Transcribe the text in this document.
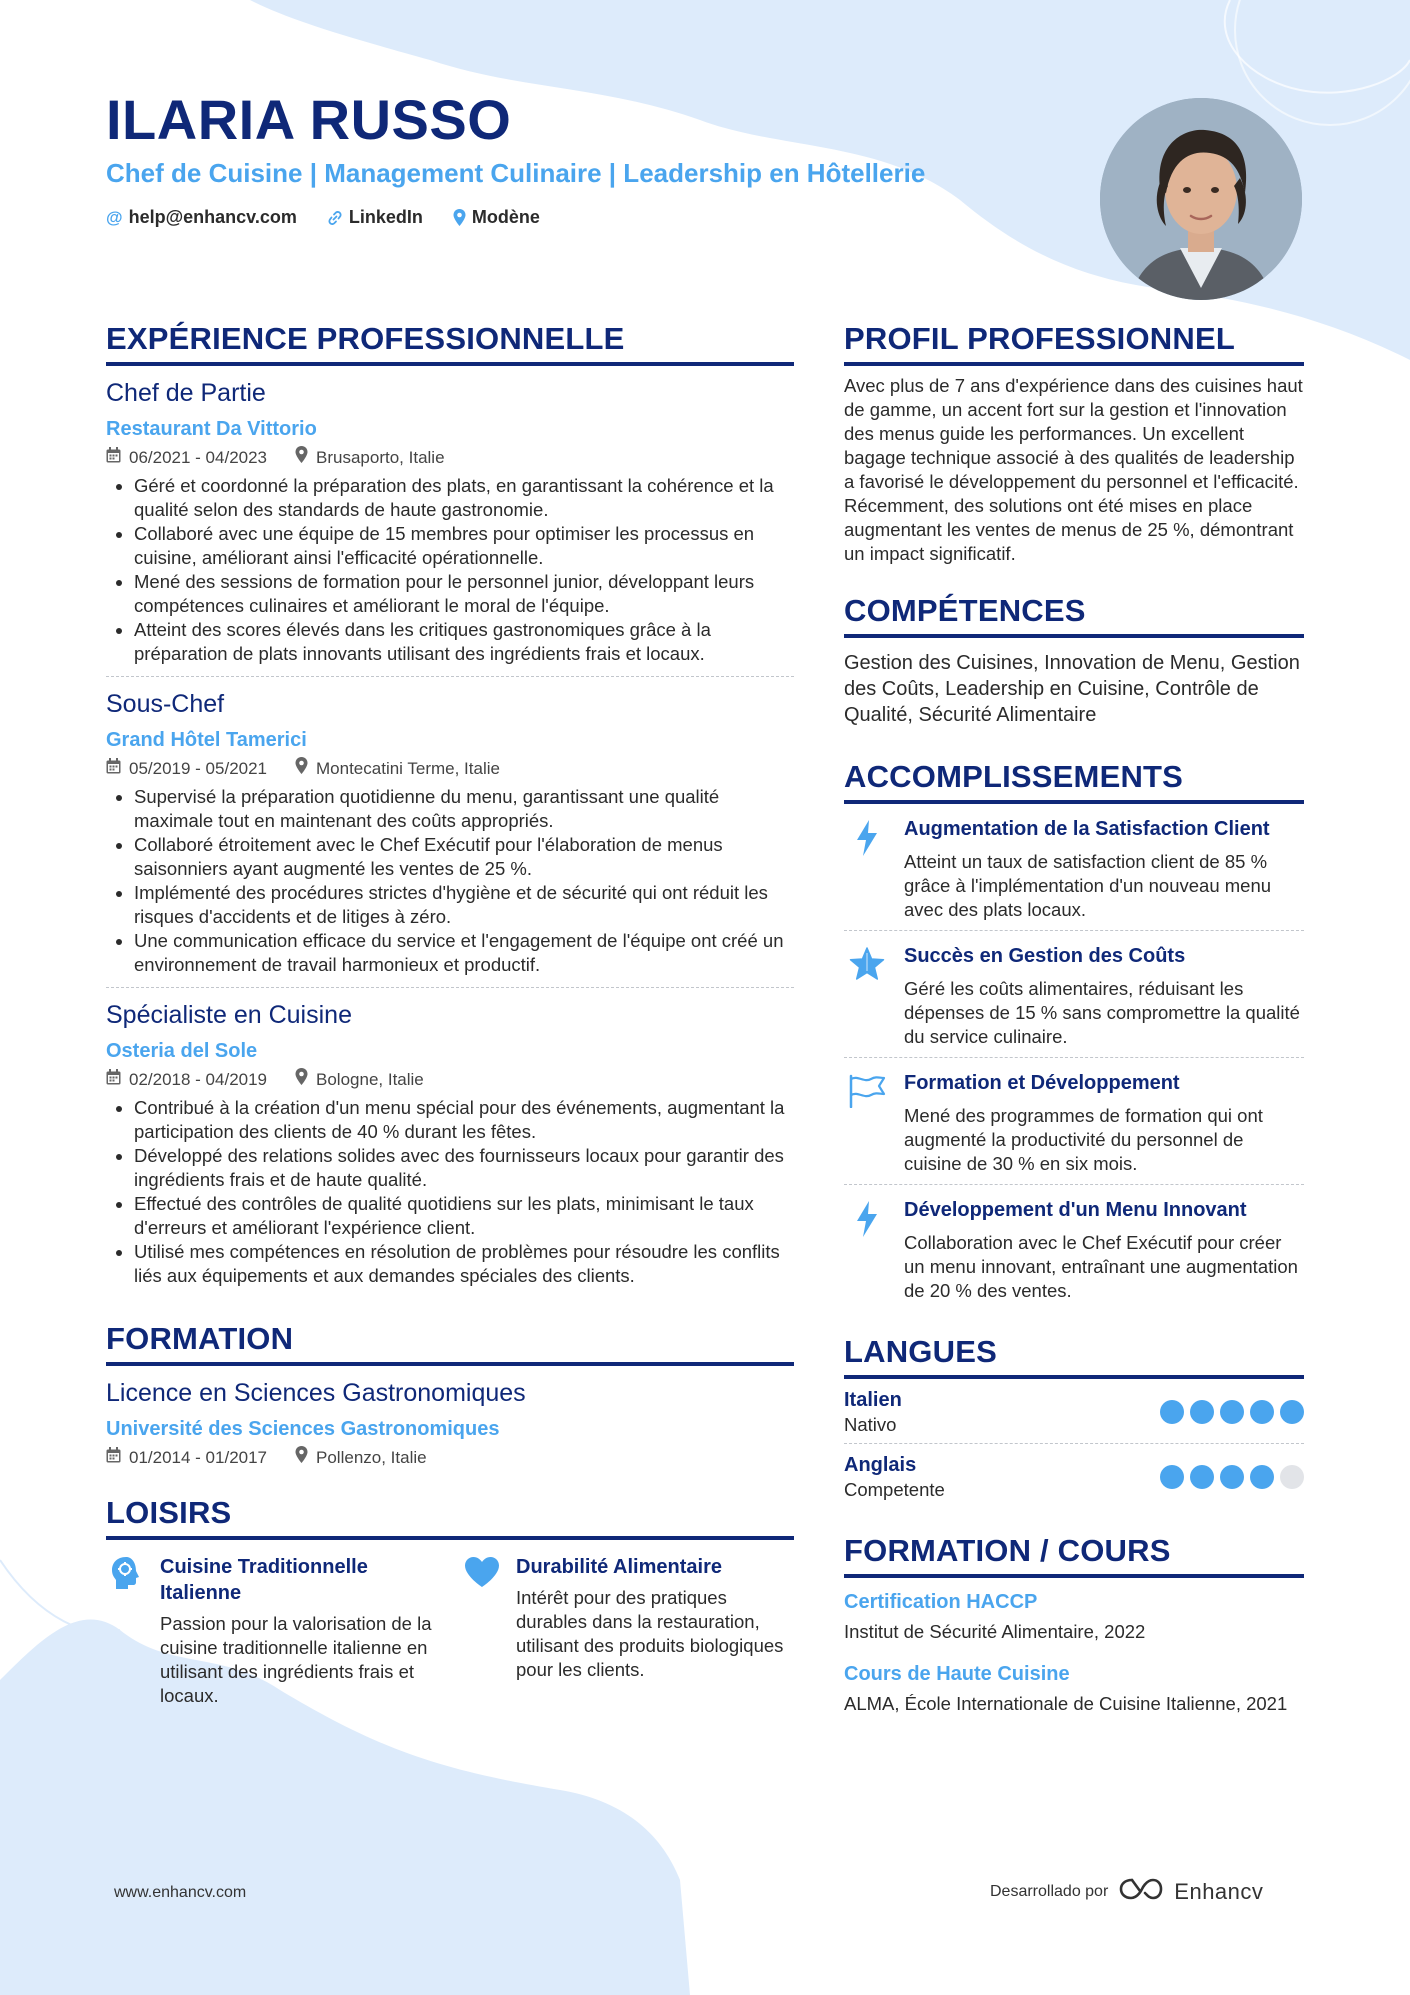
ILARIA RUSSO
Chef de Cuisine | Management Culinaire | Leadership en Hôtellerie
@ help@enhancv.com	LinkedIn	Modène
EXPÉRIENCE PROFESSIONNELLE
Chef de Partie
Restaurant Da Vittorio
06/2021 - 04/2023	Brusaporto, Italie
• Géré et coordonné la préparation des plats, en garantissant la cohérence et la qualité selon des standards de haute gastronomie.
• Collaboré avec une équipe de 15 membres pour optimiser les processus en cuisine, améliorant ainsi l'efficacité opérationnelle.
• Mené des sessions de formation pour le personnel junior, développant leurs compétences culinaires et améliorant le moral de l'équipe.
• Atteint des scores élevés dans les critiques gastronomiques grâce à la préparation de plats innovants utilisant des ingrédients frais et locaux.
Sous-Chef
Grand Hôtel Tamerici
05/2019 - 05/2021	Montecatini Terme, Italie
• Supervisé la préparation quotidienne du menu, garantissant une qualité maximale tout en maintenant des coûts appropriés.
• Collaboré étroitement avec le Chef Exécutif pour l'élaboration de menus saisonniers ayant augmenté les ventes de 25 %.
• Implémenté des procédures strictes d'hygiène et de sécurité qui ont réduit les risques d'accidents et de litiges à zéro.
• Une communication efficace du service et l'engagement de l'équipe ont créé un environnement de travail harmonieux et productif.
Spécialiste en Cuisine
Osteria del Sole
02/2018 - 04/2019	Bologne, Italie
• Contribué à la création d'un menu spécial pour des événements, augmentant la participation des clients de 40 % durant les fêtes.
• Développé des relations solides avec des fournisseurs locaux pour garantir des ingrédients frais et de haute qualité.
• Effectué des contrôles de qualité quotidiens sur les plats, minimisant le taux d'erreurs et améliorant l'expérience client.
• Utilisé mes compétences en résolution de problèmes pour résoudre les conflits liés aux équipements et aux demandes spéciales des clients.
FORMATION
Licence en Sciences Gastronomiques
Université des Sciences Gastronomiques
01/2014 - 01/2017	Pollenzo, Italie
LOISIRS
Cuisine Traditionnelle Italienne

Passion pour la valorisation de la cuisine traditionnelle italienne en utilisant des ingrédients frais et locaux.

Durabilité Alimentaire

Intérêt pour des pratiques durables dans la restauration, utilisant des produits biologiques pour les clients.

PROFIL PROFESSIONNEL

Avec plus de 7 ans d'expérience dans des cuisines haut de gamme, un accent fort sur la gestion et l'innovation des menus guide les performances. Un excellent bagage technique associé à des qualités de leadership a favorisé le développement du personnel et l'efficacité. Récemment, des solutions ont été mises en place augmentant les ventes de menus de 25 %, démontrant un impact significatif.

COMPÉTENCES

Gestion des Cuisines, Innovation de Menu, Gestion des Coûts, Leadership en Cuisine, Contrôle de Qualité, Sécurité Alimentaire

ACCOMPLISSEMENTS
Augmentation de la Satisfaction Client

Atteint un taux de satisfaction client de 85 % grâce à l'implémentation d'un nouveau menu avec des plats locaux.

Succès en Gestion des Coûts

Géré les coûts alimentaires, réduisant les dépenses de 15 % sans compromettre la qualité du service culinaire.

Formation et Développement

Mené des programmes de formation qui ont augmenté la productivité du personnel de cuisine de 30 % en six mois.

Développement d'un Menu Innovant

Collaboration avec le Chef Exécutif pour créer un menu innovant, entraînant une augmentation de 20 % des ventes.

LANGUES
Italien
Nativo
Anglais
Competente
FORMATION / COURS
Certification HACCP
Institut de Sécurité Alimentaire, 2022
Cours de Haute Cuisine
ALMA, École Internationale de Cuisine Italienne, 2021
www.enhancv.com	Desarrollado por	Enhancv
